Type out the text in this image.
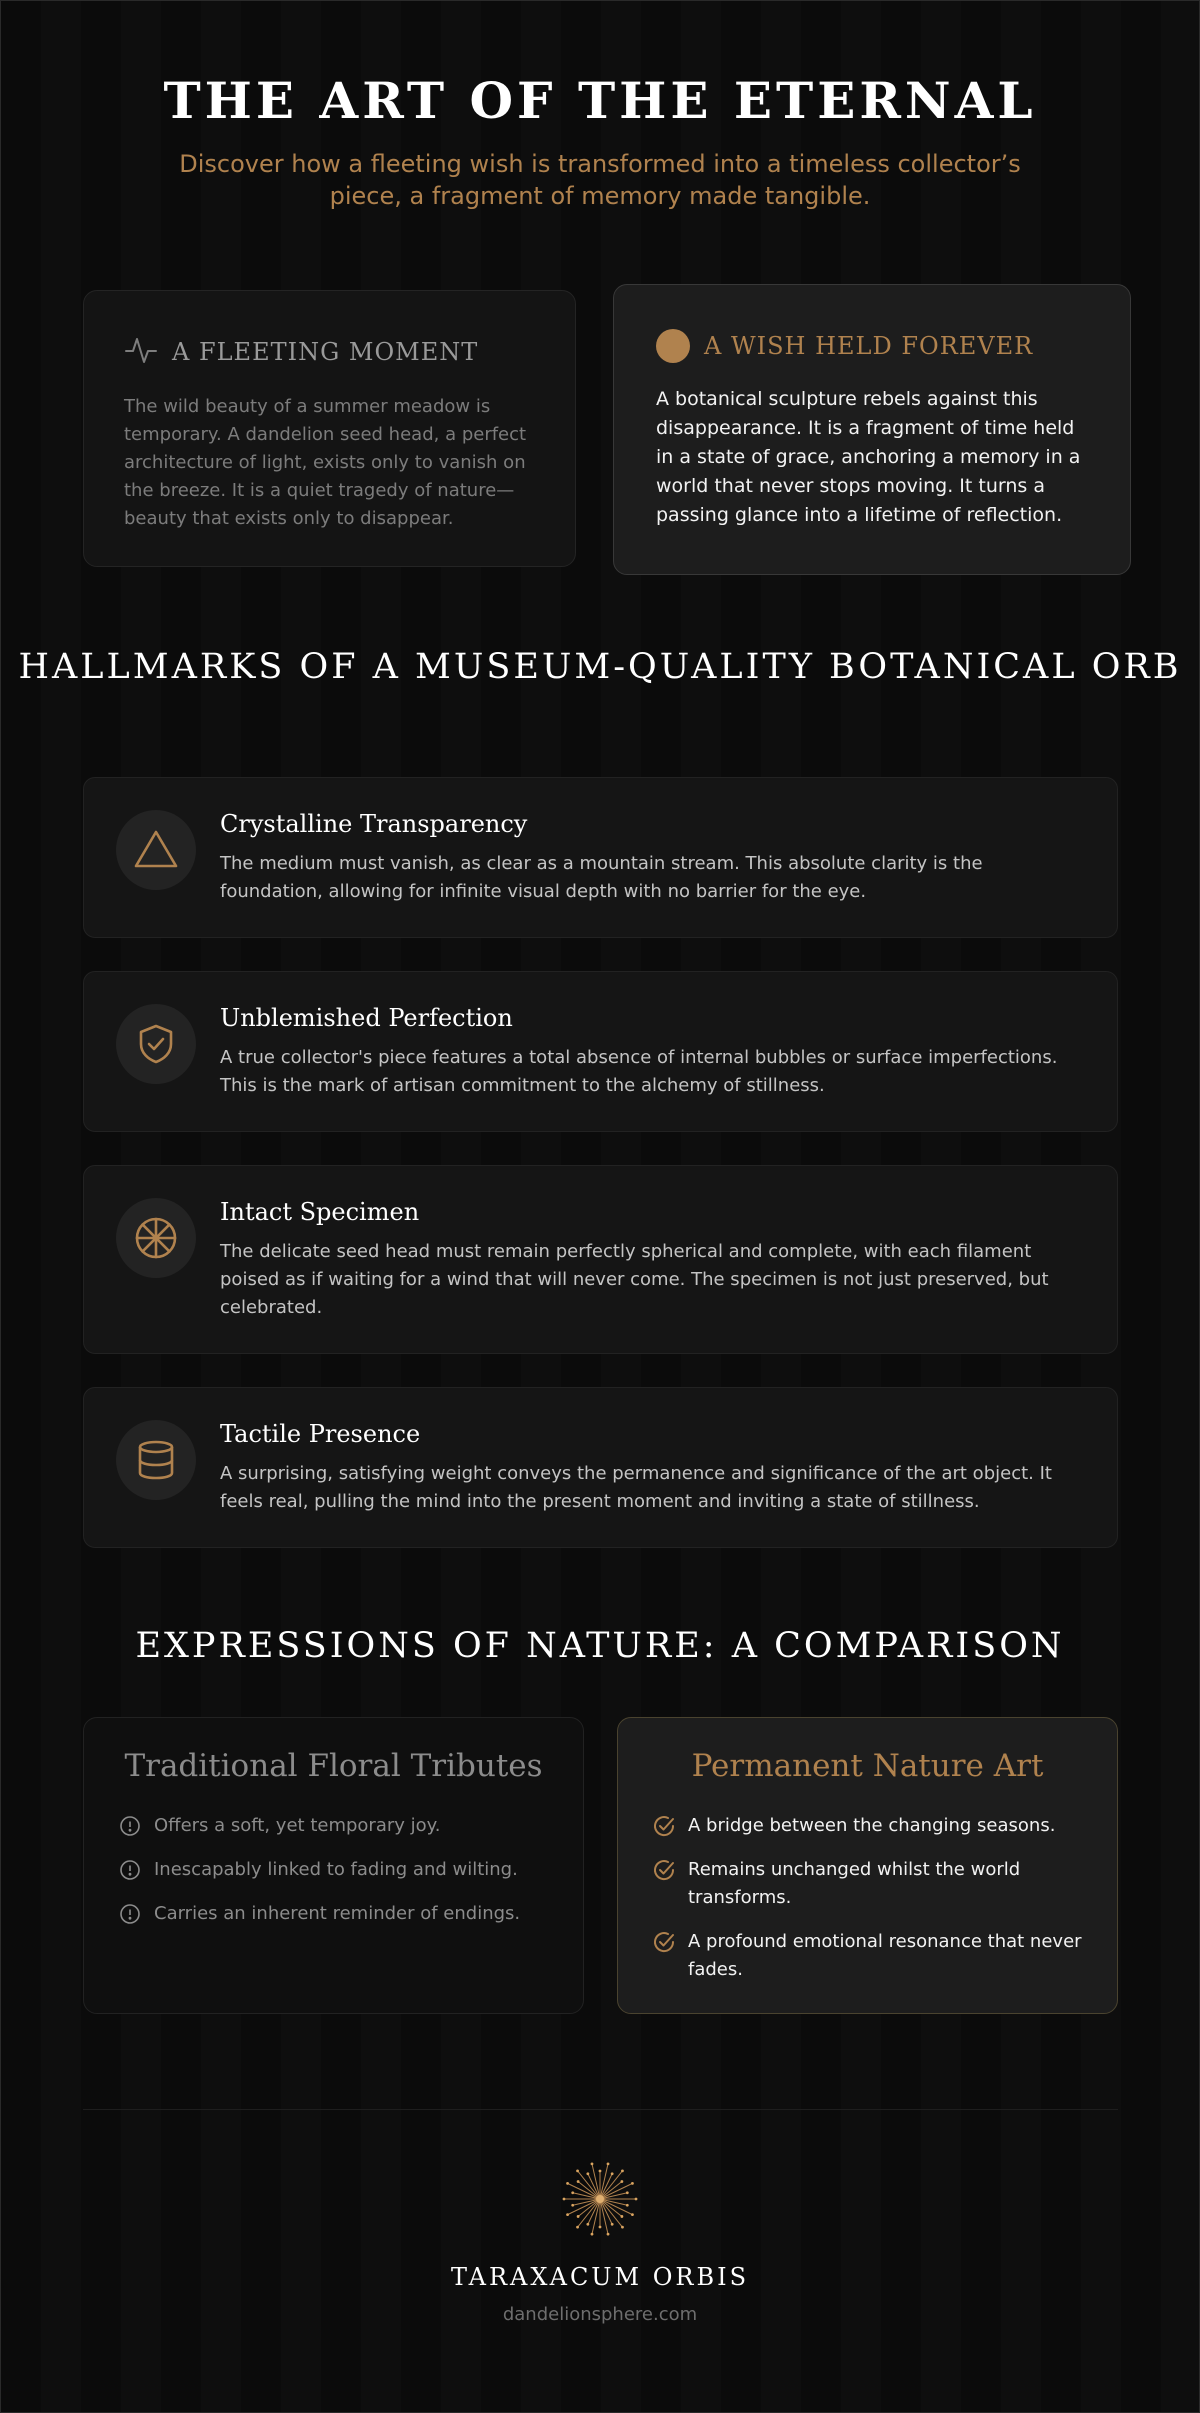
THE ART OF THE ETERNAL

Discover how a fleeting wish is transformed into a timeless collector’s piece, a fragment of memory made tangible.

A FLEETING MOMENT

The wild beauty of a summer meadow is temporary. A dandelion seed head, a perfect architecture of light, exists only to vanish on the breeze. It is a quiet tragedy of nature—beauty that exists only to disappear.

A WISH HELD FOREVER

A botanical sculpture rebels against this disappearance. It is a fragment of time held in a state of grace, anchoring a memory in a world that never stops moving. It turns a passing glance into a lifetime of reflection.

HALLMARKS OF A MUSEUM-QUALITY BOTANICAL ORB
Crystalline Transparency

The medium must vanish, as clear as a mountain stream. This absolute clarity is the foundation, allowing for infinite visual depth with no barrier for the eye.

Unblemished Perfection

A true collector's piece features a total absence of internal bubbles or surface imperfections. This is the mark of artisan commitment to the alchemy of stillness.

Intact Specimen

The delicate seed head must remain perfectly spherical and complete, with each filament poised as if waiting for a wind that will never come. The specimen is not just preserved, but celebrated.

Tactile Presence

A surprising, satisfying weight conveys the permanence and significance of the art object. It feels real, pulling the mind into the present moment and inviting a state of stillness.

EXPRESSIONS OF NATURE: A COMPARISON
Traditional Floral Tributes
Offers a soft, yet temporary joy.
Inescapably linked to fading and wilting.
Carries an inherent reminder of endings.
Permanent Nature Art
A bridge between the changing seasons.
Remains unchanged whilst the world transforms.
A profound emotional resonance that never fades.
TARAXACUM ORBIS
dandelionsphere.com
